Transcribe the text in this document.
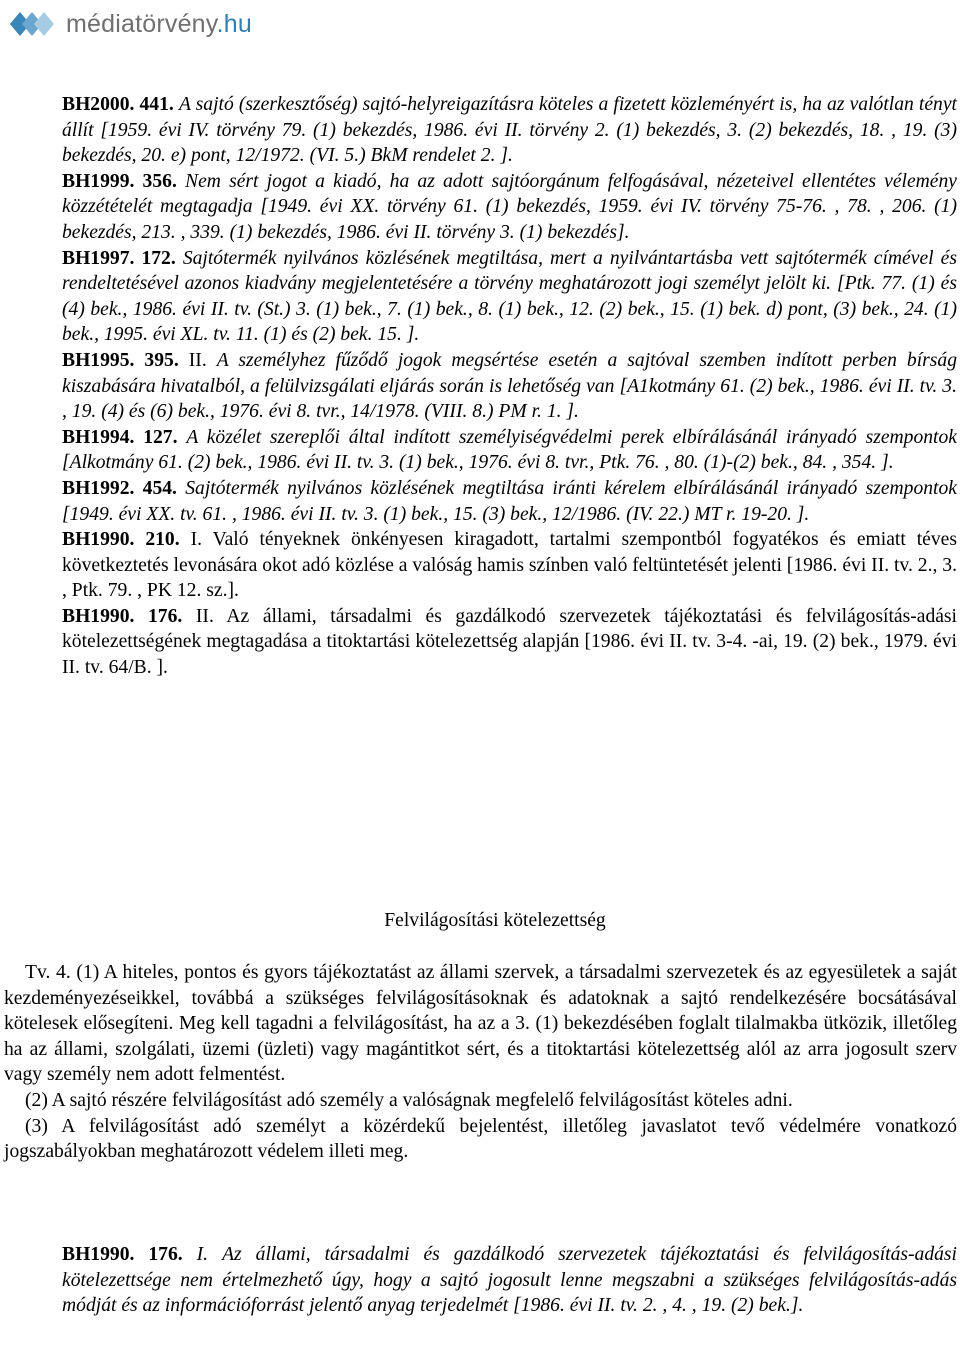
médiatörvény.hu

BH2000. 441. A sajtó (szerkesztőség) sajtó-helyreigazításra köteles a fizetett közleményért is, ha az valótlan tényt állít [1959. évi IV. törvény 79. (1) bekezdés, 1986. évi II. törvény 2. (1) bekezdés, 3. (2) bekezdés, 18. , 19. (3) bekezdés, 20. e) pont, 12/1972. (VI. 5.) BkM rendelet 2. ].

BH1999. 356. Nem sért jogot a kiadó, ha az adott sajtóorgánum felfogásával, nézeteivel ellentétes vélemény közzétételét megtagadja [1949. évi XX. törvény 61. (1) bekezdés, 1959. évi IV. törvény 75-76. , 78. , 206. (1) bekezdés, 213. , 339. (1) bekezdés, 1986. évi II. törvény 3. (1) bekezdés].

BH1997. 172. Sajtótermék nyilvános közlésének megtiltása, mert a nyilvántartásba vett sajtótermék címével és rendeltetésével azonos kiadvány megjelentetésére a törvény meghatározott jogi személyt jelölt ki. [Ptk. 77. (1) és (4) bek., 1986. évi II. tv. (St.) 3. (1) bek., 7. (1) bek., 8. (1) bek., 12. (2) bek., 15. (1) bek. d) pont, (3) bek., 24. (1) bek., 1995. évi XL. tv. 11. (1) és (2) bek. 15. ].

BH1995. 395. II. A személyhez fűződő jogok megsértése esetén a sajtóval szemben indított perben bírság kiszabására hivatalból, a felülvizsgálati eljárás során is lehetőség van [A1kotmány 61. (2) bek., 1986. évi II. tv. 3. , 19. (4) és (6) bek., 1976. évi 8. tvr., 14/1978. (VIII. 8.) PM r. 1. ].

BH1994. 127. A közélet szereplői által indított személyiségvédelmi perek elbírálásánál irányadó szempontok [Alkotmány 61. (2) bek., 1986. évi II. tv. 3. (1) bek., 1976. évi 8. tvr., Ptk. 76. , 80. (1)-(2) bek., 84. , 354. ].

BH1992. 454. Sajtótermék nyilvános közlésének megtiltása iránti kérelem elbírálásánál irányadó szempontok [1949. évi XX. tv. 61. , 1986. évi II. tv. 3. (1) bek., 15. (3) bek., 12/1986. (IV. 22.) MT r. 19-20. ].

BH1990. 210. I. Való tényeknek önkényesen kiragadott, tartalmi szempontból fogyatékos és emiatt téves következtetés levonására okot adó közlése a valóság hamis színben való feltüntetését jelenti [1986. évi II. tv. 2., 3. , Ptk. 79. , PK 12. sz.].

BH1990. 176. II. Az állami, társadalmi és gazdálkodó szervezetek tájékoztatási és felvilágosítás-adási kötelezettségének megtagadása a titoktartási kötelezettség alapján [1986. évi II. tv. 3-4. -ai, 19. (2) bek., 1979. évi II. tv. 64/B. ].

Felvilágosítási kötelezettség

Tv. 4. (1) A hiteles, pontos és gyors tájékoztatást az állami szervek, a társadalmi szervezetek és az egyesületek a saját kezdeményezéseikkel, továbbá a szükséges felvilágosításoknak és adatoknak a sajtó rendelkezésére bocsátásával kötelesek elősegíteni. Meg kell tagadni a felvilágosítást, ha az a 3. (1) bekezdésében foglalt tilalmakba ütközik, illetőleg ha az állami, szolgálati, üzemi (üzleti) vagy magántitkot sért, és a titoktartási kötelezettség alól az arra jogosult szerv vagy személy nem adott felmentést.

(2) A sajtó részére felvilágosítást adó személy a valóságnak megfelelő felvilágosítást köteles adni.

(3) A felvilágosítást adó személyt a közérdekű bejelentést, illetőleg javaslatot tevő védelmére vonatkozó jogszabályokban meghatározott védelem illeti meg.

BH1990. 176. I. Az állami, társadalmi és gazdálkodó szervezetek tájékoztatási és felvilágosítás-adási kötelezettsége nem értelmezhető úgy, hogy a sajtó jogosult lenne megszabni a szükséges felvilágosítás-adás módját és az információforrást jelentő anyag terjedelmét [1986. évi II. tv. 2. , 4. , 19. (2) bek.].
